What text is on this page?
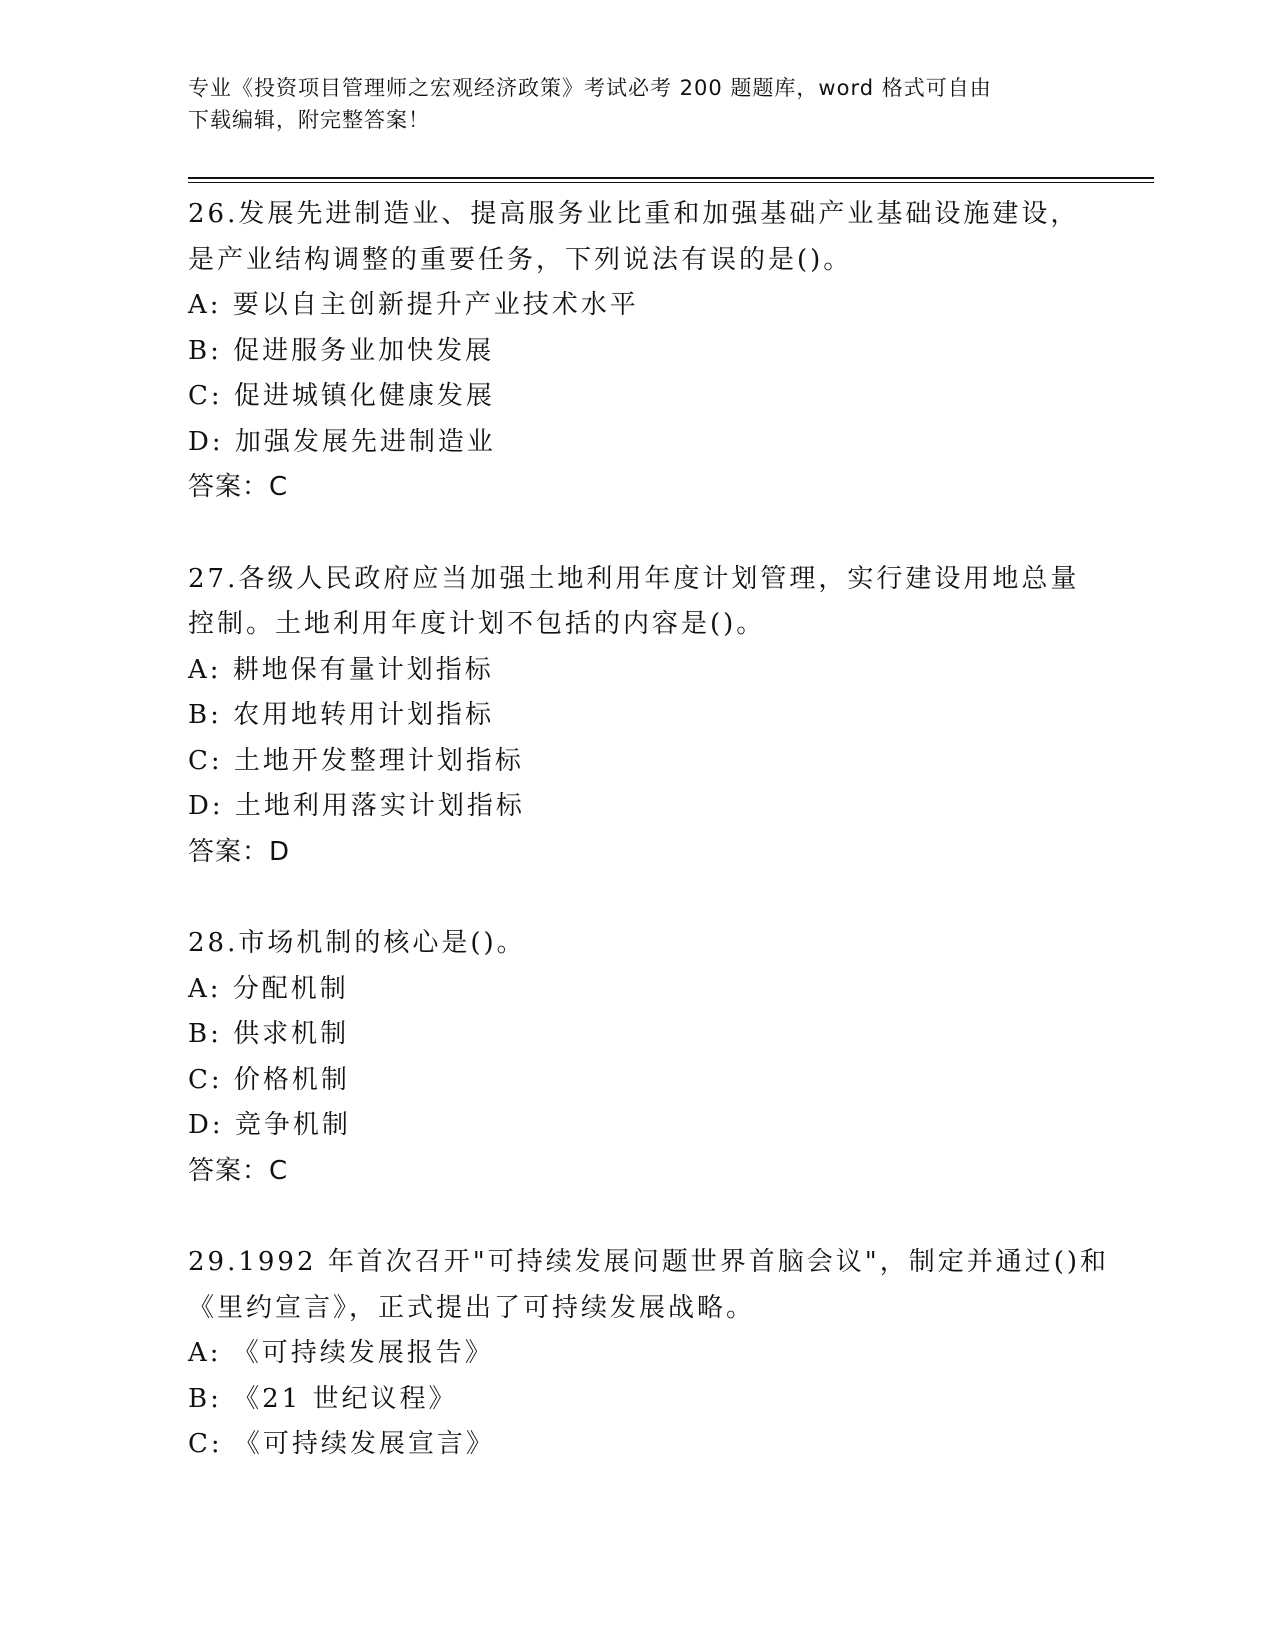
专业《投资项目管理师之宏观经济政策》考试必考 200 题题库，word 格式可自由
下载编辑，附完整答案！
26.发展先进制造业、提高服务业比重和加强基础产业基础设施建设，
是产业结构调整的重要任务，下列说法有误的是()。
A: 要以自主创新提升产业技术水平
B: 促进服务业加快发展
C: 促进城镇化健康发展
D: 加强发展先进制造业
答案：C
27.各级人民政府应当加强土地利用年度计划管理，实行建设用地总量
控制。土地利用年度计划不包括的内容是()。
A: 耕地保有量计划指标
B: 农用地转用计划指标
C: 土地开发整理计划指标
D: 土地利用落实计划指标
答案：D
28.市场机制的核心是()。
A: 分配机制
B: 供求机制
C: 价格机制
D: 竞争机制
答案：C
29.1992 年首次召开"可持续发展问题世界首脑会议"，制定并通过()和
《里约宣言》，正式提出了可持续发展战略。
A: 《可持续发展报告》
B: 《21 世纪议程》
C: 《可持续发展宣言》
